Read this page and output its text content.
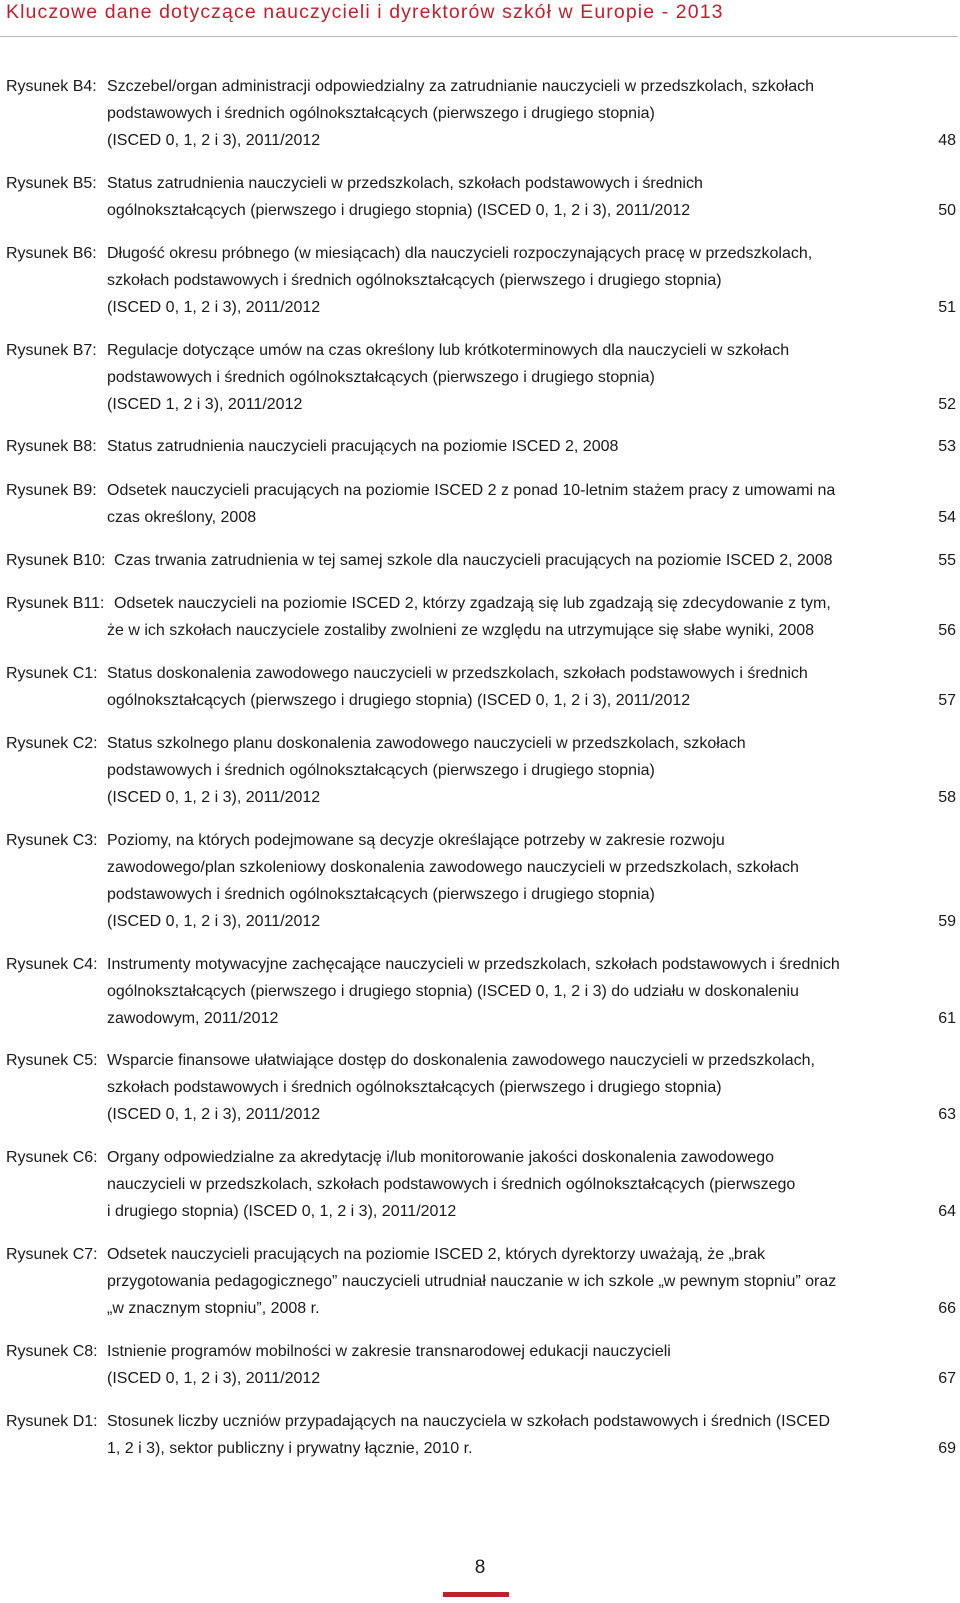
Kluczowe dane dotyczące nauczycieli i dyrektorów szkół w Europie - 2013
Rysunek B4: Szczebel/organ administracji odpowiedzialny za zatrudnianie nauczycieli w przedszkolach, szkołach
podstawowych i średnich ogólnokształcących (pierwszego i drugiego stopnia)
(ISCED 0, 1, 2 i 3), 2011/2012	48
Rysunek B5: Status zatrudnienia nauczycieli w przedszkolach, szkołach podstawowych i średnich
ogólnokształcących (pierwszego i drugiego stopnia) (ISCED 0, 1, 2 i 3), 2011/2012	50
Rysunek B6: Długość okresu próbnego (w miesiącach) dla nauczycieli rozpoczynających pracę w przedszkolach,
szkołach podstawowych i średnich ogólnokształcących (pierwszego i drugiego stopnia)
(ISCED 0, 1, 2 i 3), 2011/2012	51
Rysunek B7: Regulacje dotyczące umów na czas określony lub krótkoterminowych dla nauczycieli w szkołach
podstawowych i średnich ogólnokształcących (pierwszego i drugiego stopnia)
(ISCED 1, 2 i 3), 2011/2012	52
Rysunek B8: Status zatrudnienia nauczycieli pracujących na poziomie ISCED 2, 2008	53
Rysunek B9: Odsetek nauczycieli pracujących na poziomie ISCED 2 z ponad 10-letnim stażem pracy z umowami na
czas określony, 2008	54
Rysunek B10: Czas trwania zatrudnienia w tej samej szkole dla nauczycieli pracujących na poziomie ISCED 2, 2008	55
Rysunek B11: Odsetek nauczycieli na poziomie ISCED 2, którzy zgadzają się lub zgadzają się zdecydowanie z tym,
że w ich szkołach nauczyciele zostaliby zwolnieni ze względu na utrzymujące się słabe wyniki, 2008	56
Rysunek C1: Status doskonalenia zawodowego nauczycieli w przedszkolach, szkołach podstawowych i średnich
ogólnokształcących (pierwszego i drugiego stopnia) (ISCED 0, 1, 2 i 3), 2011/2012	57
Rysunek C2: Status szkolnego planu doskonalenia zawodowego nauczycieli w przedszkolach, szkołach
podstawowych i średnich ogólnokształcących (pierwszego i drugiego stopnia)
(ISCED 0, 1, 2 i 3), 2011/2012	58
Rysunek C3: Poziomy, na których podejmowane są decyzje określające potrzeby w zakresie rozwoju
zawodowego/plan szkoleniowy doskonalenia zawodowego nauczycieli w przedszkolach, szkołach
podstawowych i średnich ogólnokształcących (pierwszego i drugiego stopnia)
(ISCED 0, 1, 2 i 3), 2011/2012	59
Rysunek C4: Instrumenty motywacyjne zachęcające nauczycieli w przedszkolach, szkołach podstawowych i średnich
ogólnokształcących (pierwszego i drugiego stopnia) (ISCED 0, 1, 2 i 3) do udziału w doskonaleniu
zawodowym, 2011/2012	61
Rysunek C5: Wsparcie finansowe ułatwiające dostęp do doskonalenia zawodowego nauczycieli w przedszkolach,
szkołach podstawowych i średnich ogólnokształcących (pierwszego i drugiego stopnia)
(ISCED 0, 1, 2 i 3), 2011/2012	63
Rysunek C6: Organy odpowiedzialne za akredytację i/lub monitorowanie jakości doskonalenia zawodowego
nauczycieli w przedszkolach, szkołach podstawowych i średnich ogólnokształcących (pierwszego
i drugiego stopnia) (ISCED 0, 1, 2 i 3), 2011/2012	64
Rysunek C7: Odsetek nauczycieli pracujących na poziomie ISCED 2, których dyrektorzy uważają, że „brak
przygotowania pedagogicznego” nauczycieli utrudniał nauczanie w ich szkole „w pewnym stopniu” oraz
„w znacznym stopniu”, 2008 r.	66
Rysunek C8: Istnienie programów mobilności w zakresie transnarodowej edukacji nauczycieli
(ISCED 0, 1, 2 i 3), 2011/2012	67
Rysunek D1: Stosunek liczby uczniów przypadających na nauczyciela w szkołach podstawowych i średnich (ISCED
1, 2 i 3), sektor publiczny i prywatny łącznie, 2010 r.	69
8
